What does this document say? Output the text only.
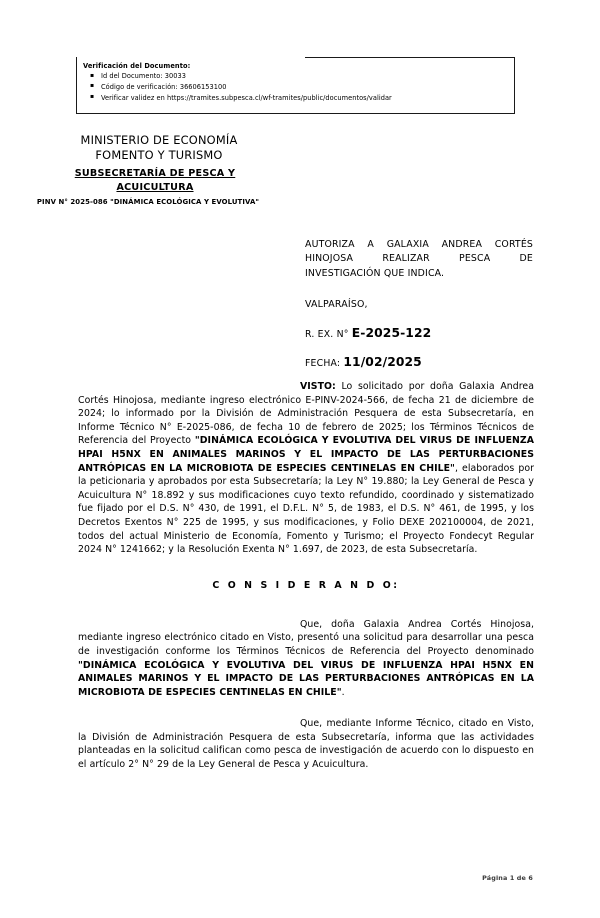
Verificación del Documento:
▪ Id del Documento: 30033
▪ Código de verificación: 36606153100
▪ Verificar validez en https://tramites.subpesca.cl/wf-tramites/public/documentos/validar
MINISTERIO DE ECONOMÍA
FOMENTO Y TURISMO
SUBSECRETARÍA DE PESCA Y
ACUICULTURA
PINV N° 2025-086 "DINÁMICA ECOLÓGICA Y EVOLUTIVA"
AUTORIZA A GALAXIA ANDREA CORTÉS HINOJOSA REALIZAR PESCA DE INVESTIGACIÓN QUE INDICA.
VALPARAÍSO,
R. EX. N° E-2025-122
FECHA: 11/02/2025

VISTO: Lo solicitado por doña Galaxia Andrea Cortés Hinojosa, mediante ingreso electrónico E-PINV-2024-566, de fecha 21 de diciembre de 2024; lo informado por la División de Administración Pesquera de esta Subsecretaría, en Informe Técnico N° E-2025-086, de fecha 10 de febrero de 2025; los Términos Técnicos de Referencia del Proyecto "DINÁMICA ECOLÓGICA Y EVOLUTIVA DEL VIRUS DE INFLUENZA HPAI H5NX EN ANIMALES MARINOS Y EL IMPACTO DE LAS PERTURBACIONES ANTRÓPICAS EN LA MICROBIOTA DE ESPECIES CENTINELAS EN CHILE", elaborados por la peticionaria y aprobados por esta Subsecretaría; la Ley N° 19.880; la Ley General de Pesca y Acuicultura N° 18.892 y sus modificaciones cuyo texto refundido, coordinado y sistematizado fue fijado por el D.S. N° 430, de 1991, el D.F.L. N° 5, de 1983, el D.S. N° 461, de 1995, y los Decretos Exentos N° 225 de 1995, y sus modificaciones, y Folio DEXE 202100004, de 2021, todos del actual Ministerio de Economía, Fomento y Turismo; el Proyecto Fondecyt Regular 2024 N° 1241662; y la Resolución Exenta N° 1.697, de 2023, de esta Subsecretaría.

C O N S I D E R A N D O:

Que, doña Galaxia Andrea Cortés Hinojosa, mediante ingreso electrónico citado en Visto, presentó una solicitud para desarrollar una pesca de investigación conforme los Términos Técnicos de Referencia del Proyecto denominado "DINÁMICA ECOLÓGICA Y EVOLUTIVA DEL VIRUS DE INFLUENZA HPAI H5NX EN ANIMALES MARINOS Y EL IMPACTO DE LAS PERTURBACIONES ANTRÓPICAS EN LA MICROBIOTA DE ESPECIES CENTINELAS EN CHILE".

Que, mediante Informe Técnico, citado en Visto, la División de Administración Pesquera de esta Subsecretaría, informa que las actividades planteadas en la solicitud califican como pesca de investigación de acuerdo con lo dispuesto en el artículo 2° N° 29 de la Ley General de Pesca y Acuicultura.

Página 1 de 6
